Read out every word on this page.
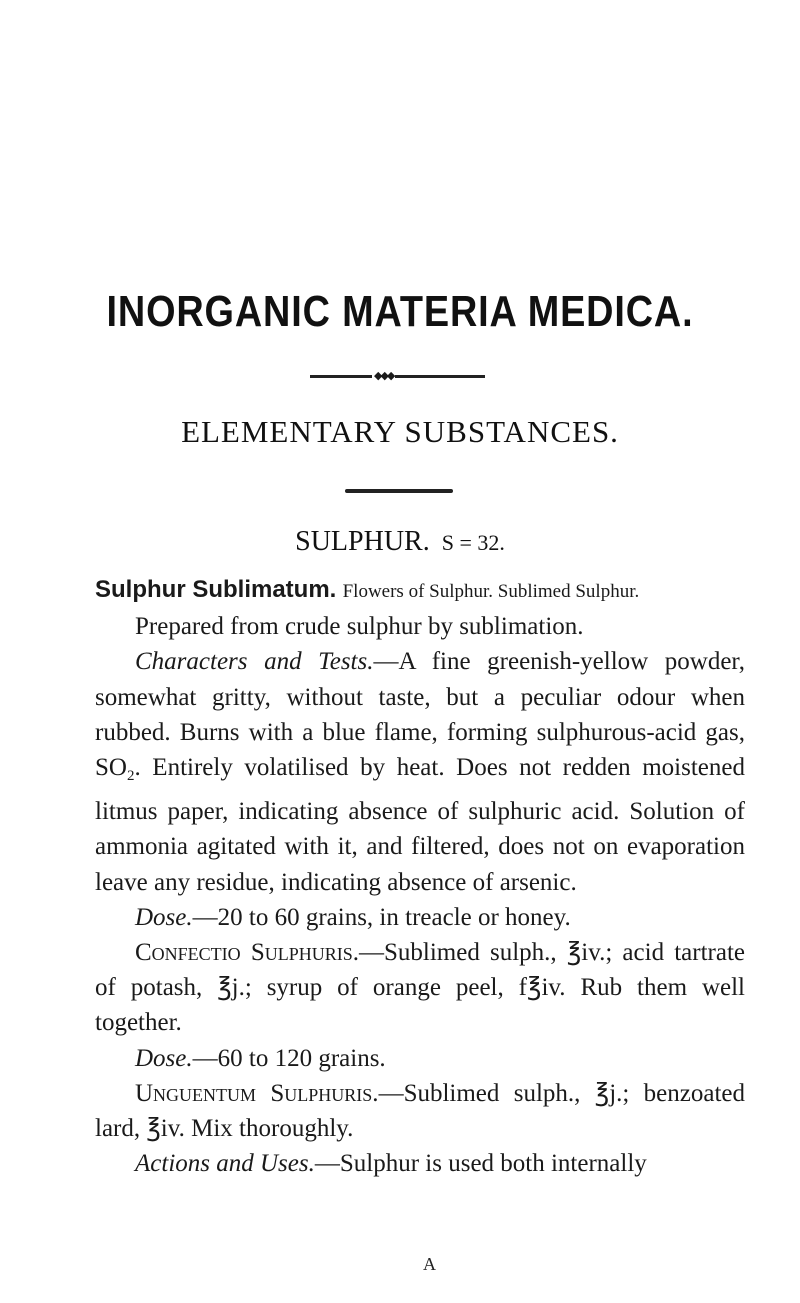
INORGANIC MATERIA MEDICA.
◆◆◆
ELEMENTARY SUBSTANCES.
SULPHUR. S = 32.

Sulphur Sublimatum. Flowers of Sulphur. Sublimed Sulphur.

Prepared from crude sulphur by sublimation.

Characters and Tests.—A fine greenish-yellow powder, somewhat gritty, without taste, but a peculiar odour when rubbed. Burns with a blue flame, forming sulphurous-acid gas, $SO_2$. Entirely volatilised by heat. Does not redden moistened litmus paper, indicating absence of sulphuric acid. Solution of ammonia agitated with it, and filtered, does not on evaporation leave any residue, indicating absence of arsenic.

Dose.—20 to 60 grains, in treacle or honey.

Confectio Sulphuris.—Sublimed sulph., ℥iv.; acid tartrate of potash, ℥j.; syrup of orange peel, f℥iv. Rub them well together.

Dose.—60 to 120 grains.

Unguentum Sulphuris.—Sublimed sulph., ℥j.; benzoated lard, ℥iv. Mix thoroughly.

Actions and Uses.—Sulphur is used both internally

A
